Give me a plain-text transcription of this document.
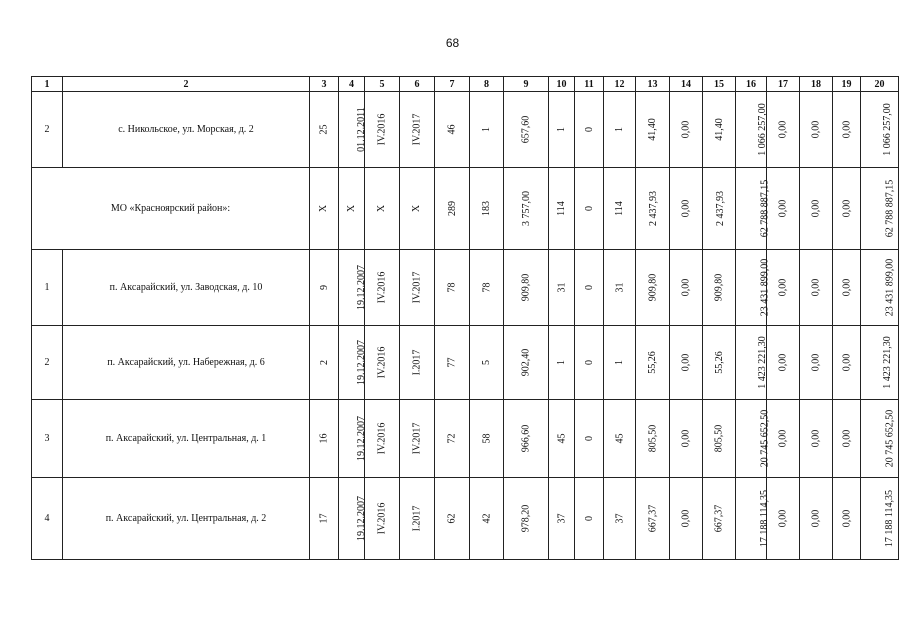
68
1	2	3	4	5	6	7	8	9	10	11	12	13	14	15	16	17	18	19	20
2	с. Никольское, ул. Морская, д. 2	25	01.12.2011	IV.2016	IV.2017	46	1	657,60	1	0	1	41,40	0,00	41,40	1 066 257,00	0,00	0,00	0,00	1 066 257,00
МО «Красноярский район»:		Х	Х	Х	Х	289	183	3 757,00	114	0	114	2 437,93	0,00	2 437,93	62 788 887,15	0,00	0,00	0,00	62 788 887,15
1	п. Аксарайский, ул. Заводская, д. 10	9	19.12.2007	IV.2016	IV.2017	78	78	909,80	31	0	31	909,80	0,00	909,80	23 431 899,00	0,00	0,00	0,00	23 431 899,00
2	п. Аксарайский, ул. Набережная, д. 6	2	19.12.2007	IV.2016	I.2017	77	5	902,40	1	0	1	55,26	0,00	55,26	1 423 221,30	0,00	0,00	0,00	1 423 221,30
3	п. Аксарайский, ул. Центральная, д. 1	16	19.12.2007	IV.2016	IV.2017	72	58	966,60	45	0	45	805,50	0,00	805,50	20 745 652,50	0,00	0,00	0,00	20 745 652,50
4	п. Аксарайский, ул. Центральная, д. 2	17	19.12.2007	IV.2016	I.2017	62	42	978,20	37	0	37	667,37	0,00	667,37	17 188 114,35	0,00	0,00	0,00	17 188 114,35
